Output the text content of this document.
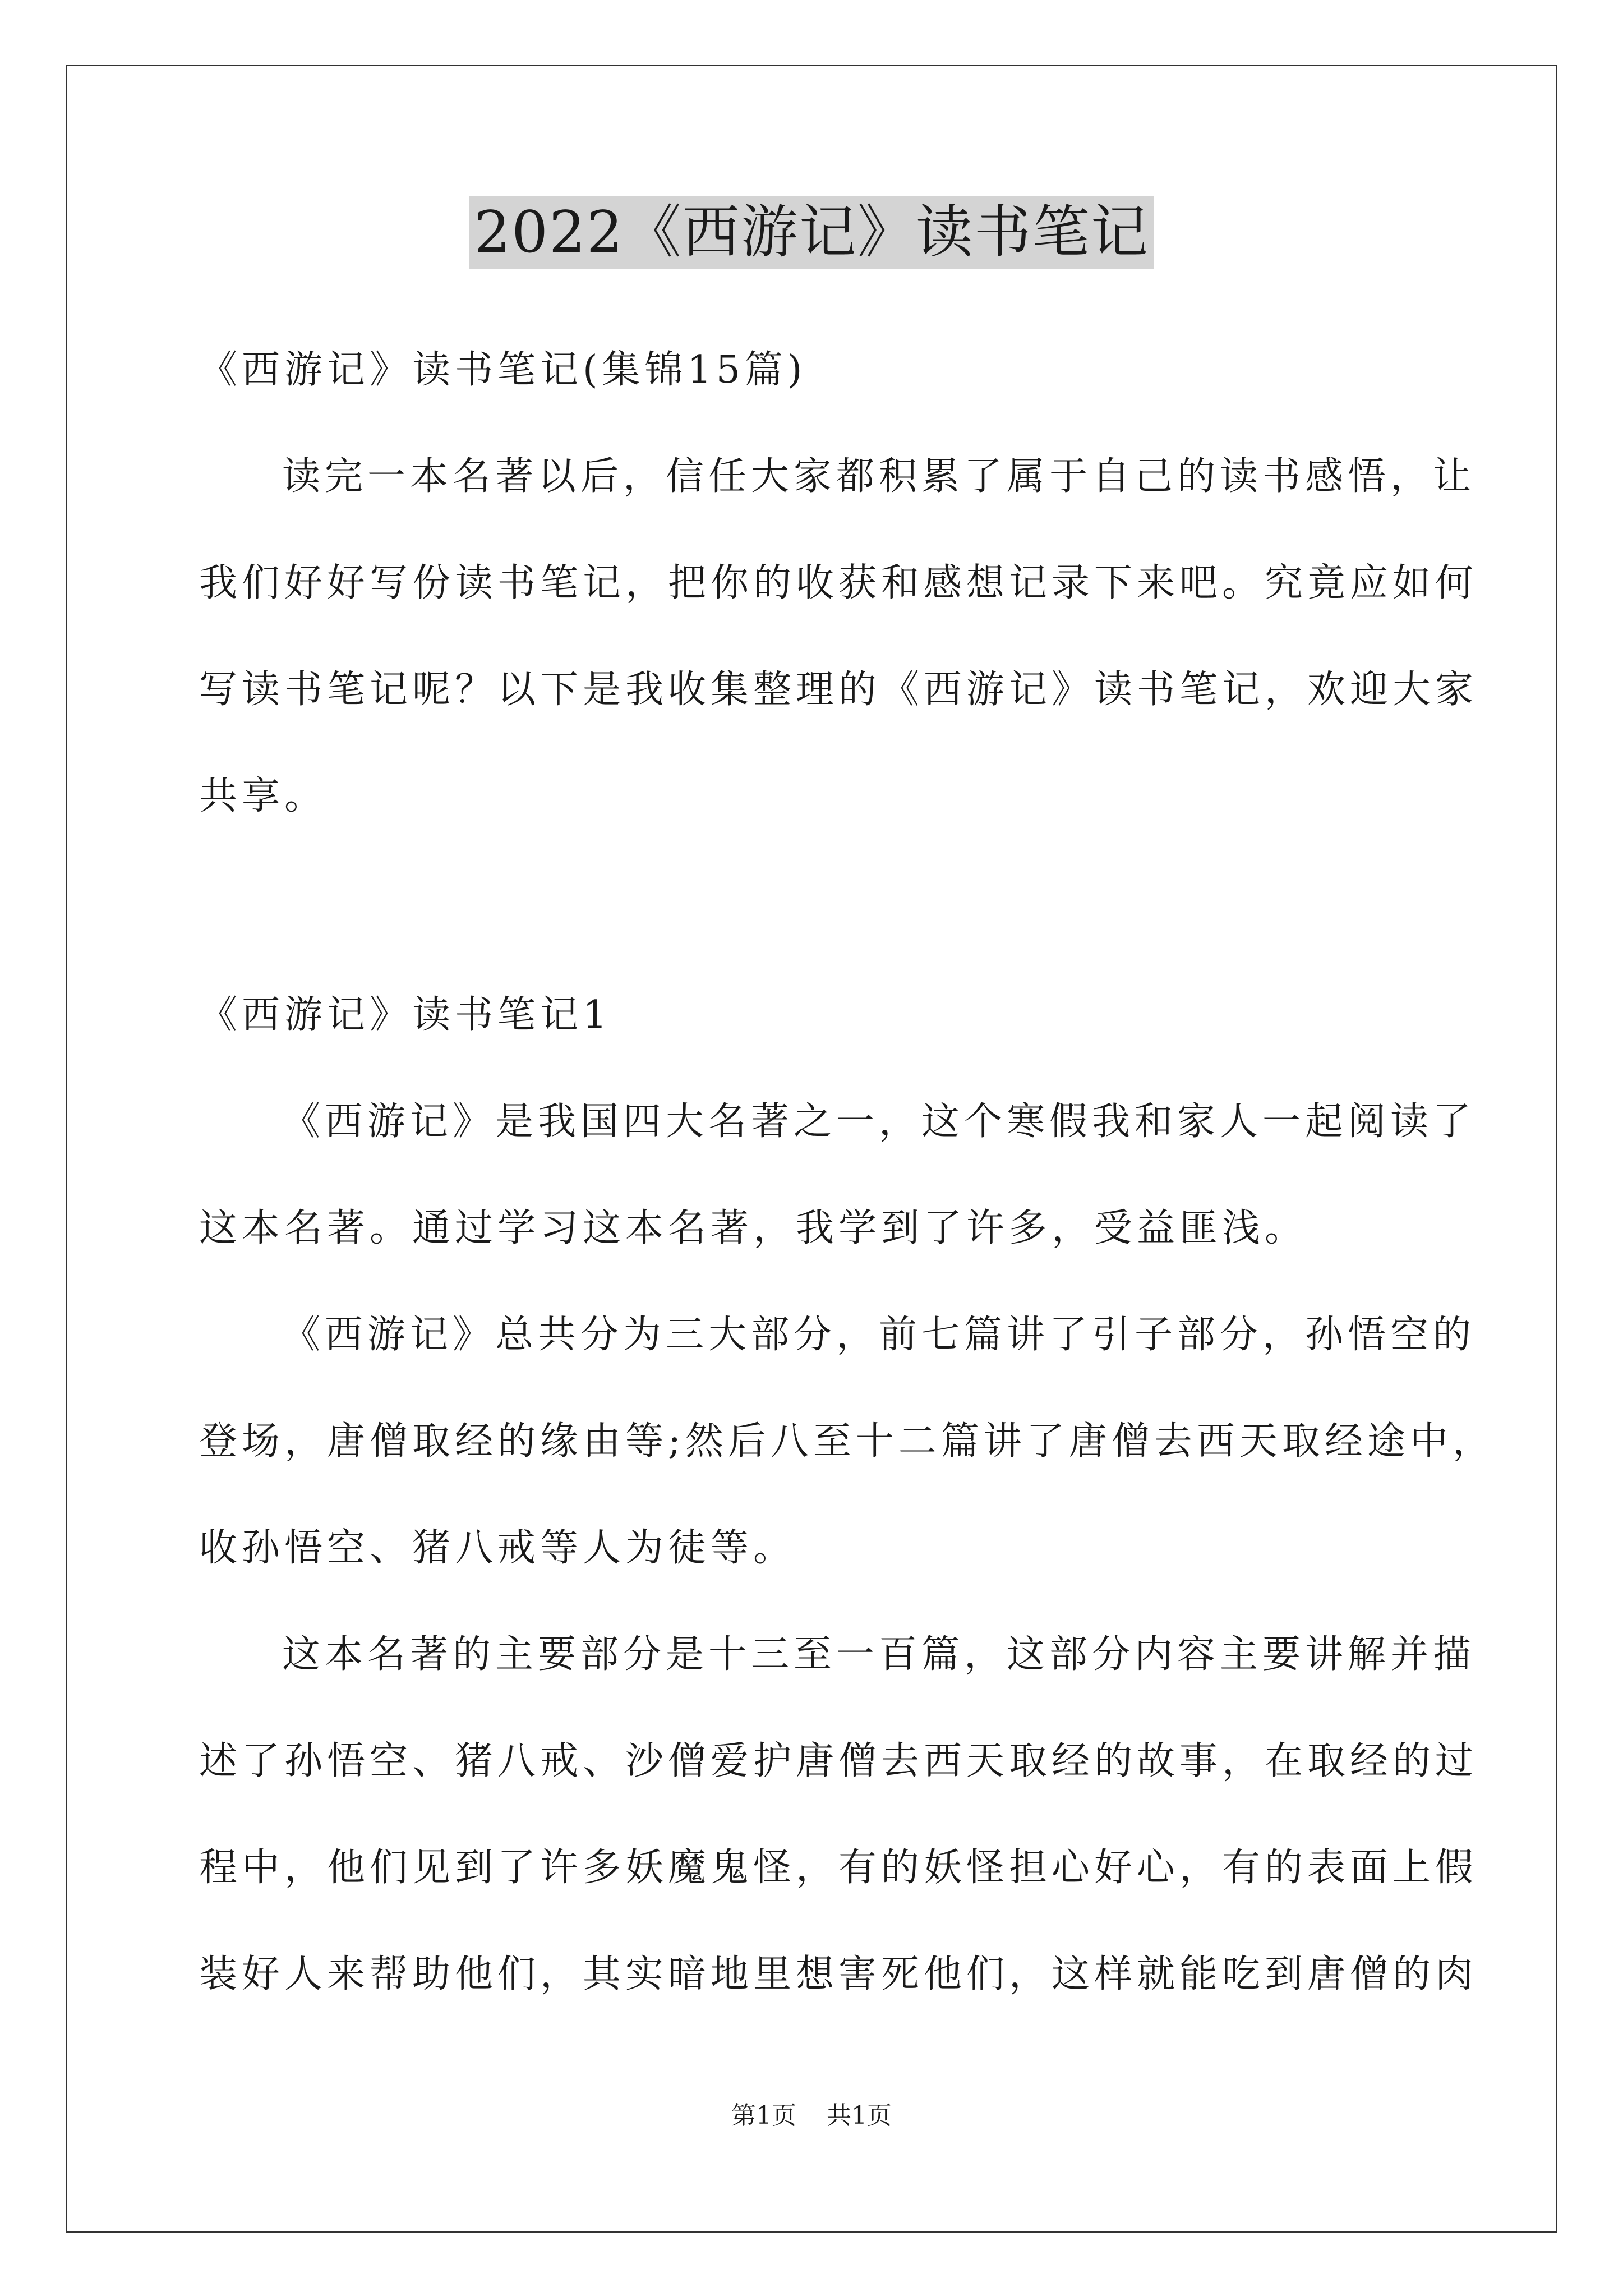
2022《西游记》读书笔记
《西游记》读书笔记(集锦15篇)
读完一本名著以后，信任大家都积累了属于自己的读书感悟，让
我们好好写份读书笔记，把你的收获和感想记录下来吧。究竟应如何
写读书笔记呢？以下是我收集整理的《西游记》读书笔记，欢迎大家
共享。
《西游记》读书笔记1
《西游记》是我国四大名著之一，这个寒假我和家人一起阅读了
这本名著。通过学习这本名著，我学到了许多，受益匪浅。
《西游记》总共分为三大部分，前七篇讲了引子部分，孙悟空的
登场，唐僧取经的缘由等;然后八至十二篇讲了唐僧去西天取经途中，
收孙悟空、猪八戒等人为徒等。
这本名著的主要部分是十三至一百篇，这部分内容主要讲解并描
述了孙悟空、猪八戒、沙僧爱护唐僧去西天取经的故事，在取经的过
程中，他们见到了许多妖魔鬼怪，有的妖怪担心好心，有的表面上假
装好人来帮助他们，其实暗地里想害死他们，这样就能吃到唐僧的肉
第1页 共1页
